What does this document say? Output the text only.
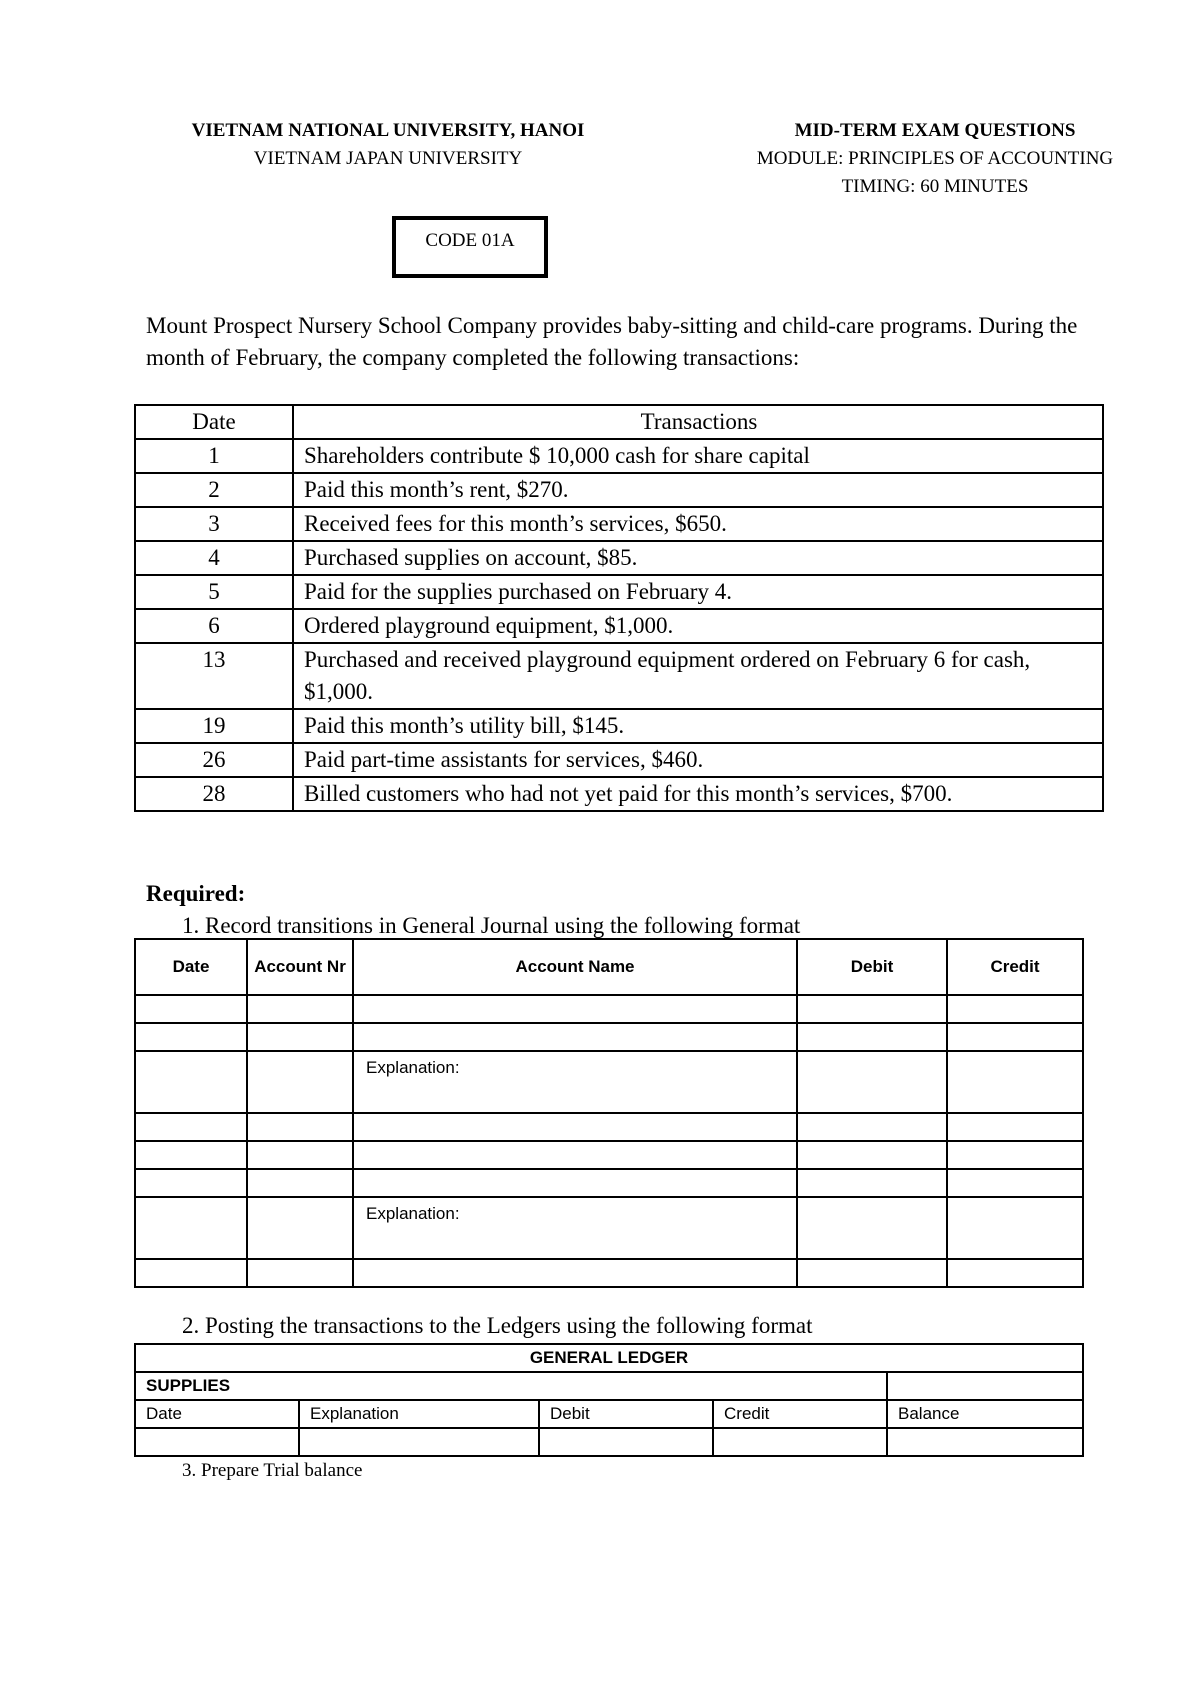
VIETNAM NATIONAL UNIVERSITY, HANOI
VIETNAM JAPAN UNIVERSITY
MID-TERM EXAM QUESTIONS
MODULE: PRINCIPLES OF ACCOUNTING
TIMING: 60 MINUTES
CODE 01A
Mount Prospect Nursery School Company provides baby-sitting and child-care programs. During the month of February, the company completed the following transactions:
Date	Transactions
1	Shareholders contribute $ 10,000 cash for share capital
2	Paid this month’s rent, $270.
3	Received fees for this month’s services, $650.
4	Purchased supplies on account, $85.
5	Paid for the supplies purchased on February 4.
6	Ordered playground equipment, $1,000.
13	Purchased and received playground equipment ordered on February 6 for cash, $1,000.
19	Paid this month’s utility bill, $145.
26	Paid part-time assistants for services, $460.
28	Billed customers who had not yet paid for this month’s services, $700.
Required:
1. Record transitions in General Journal using the following format
Date	Account Nr	Account Name	Debit	Credit

		Explanation:		

		Explanation:		

2. Posting the transactions to the Ledgers using the following format
GENERAL LEDGER				
SUPPLIES				
Date	Explanation	Debit	Credit	Balance

3. Prepare Trial balance
